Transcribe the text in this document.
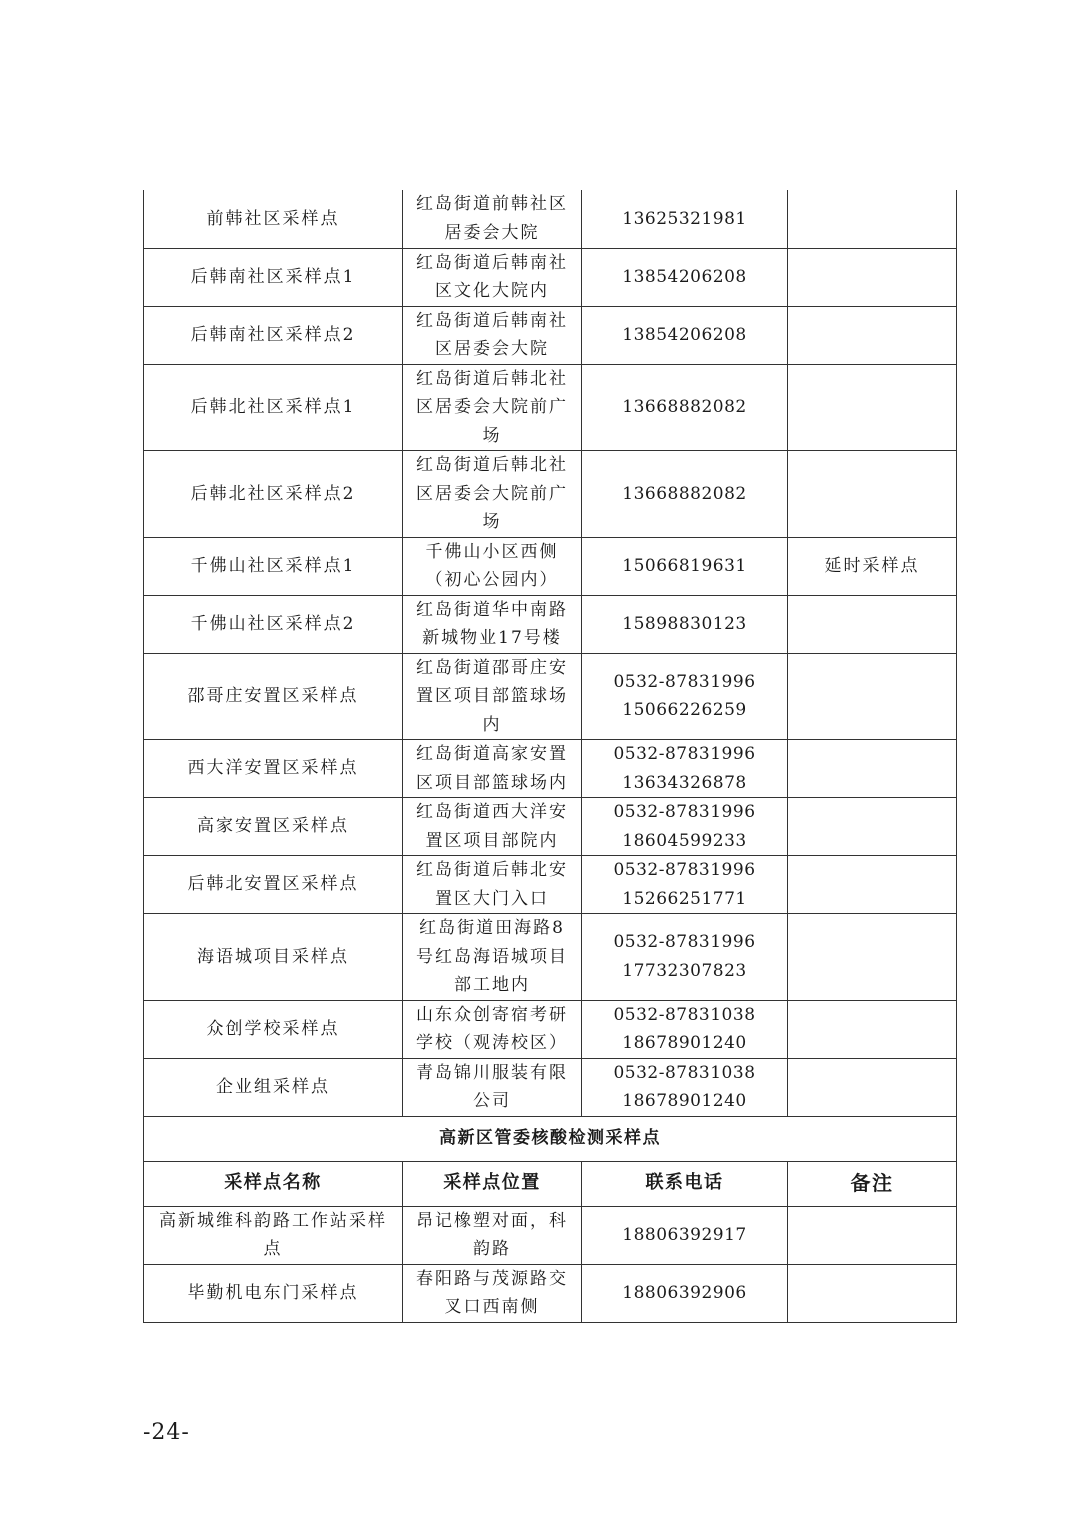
前韩社区采样点	红岛街道前韩社区居委会大院	13625321981	

后韩南社区采样点1	红岛街道后韩南社区文化大院内	13854206208	

后韩南社区采样点2	红岛街道后韩南社区居委会大院	13854206208	

后韩北社区采样点1	红岛街道后韩北社区居委会大院前广场	13668882082	

后韩北社区采样点2	红岛街道后韩北社区居委会大院前广场	13668882082	

千佛山社区采样点1	千佛山小区西侧（初心公园内）	15066819631	延时采样点
千佛山社区采样点2	红岛街道华中南路新城物业17号楼	15898830123	

邵哥庄安置区采样点	红岛街道邵哥庄安置区项目部篮球场内	0532-87831996
15066226259	

西大洋安置区采样点	红岛街道高家安置区项目部篮球场内	0532-87831996
13634326878	

高家安置区采样点	红岛街道西大洋安置区项目部院内	0532-87831996
18604599233	

后韩北安置区采样点	红岛街道后韩北安置区大门入口	0532-87831996
15266251771	

海语城项目采样点	红岛街道田海路8号红岛海语城项目部工地内	0532-87831996
17732307823	

众创学校采样点	山东众创寄宿考研学校（观涛校区）	0532-87831038
18678901240	

企业组采样点	青岛锦川服装有限公司	0532-87831038
18678901240	

高新区管委核酸检测采样点			
采样点名称	采样点位置	联系电话	备注
高新城维科韵路工作站采样点	昂记橡塑对面，科韵路	18806392917	

毕勤机电东门采样点	春阳路与茂源路交叉口西南侧	18806392906	

-24-
